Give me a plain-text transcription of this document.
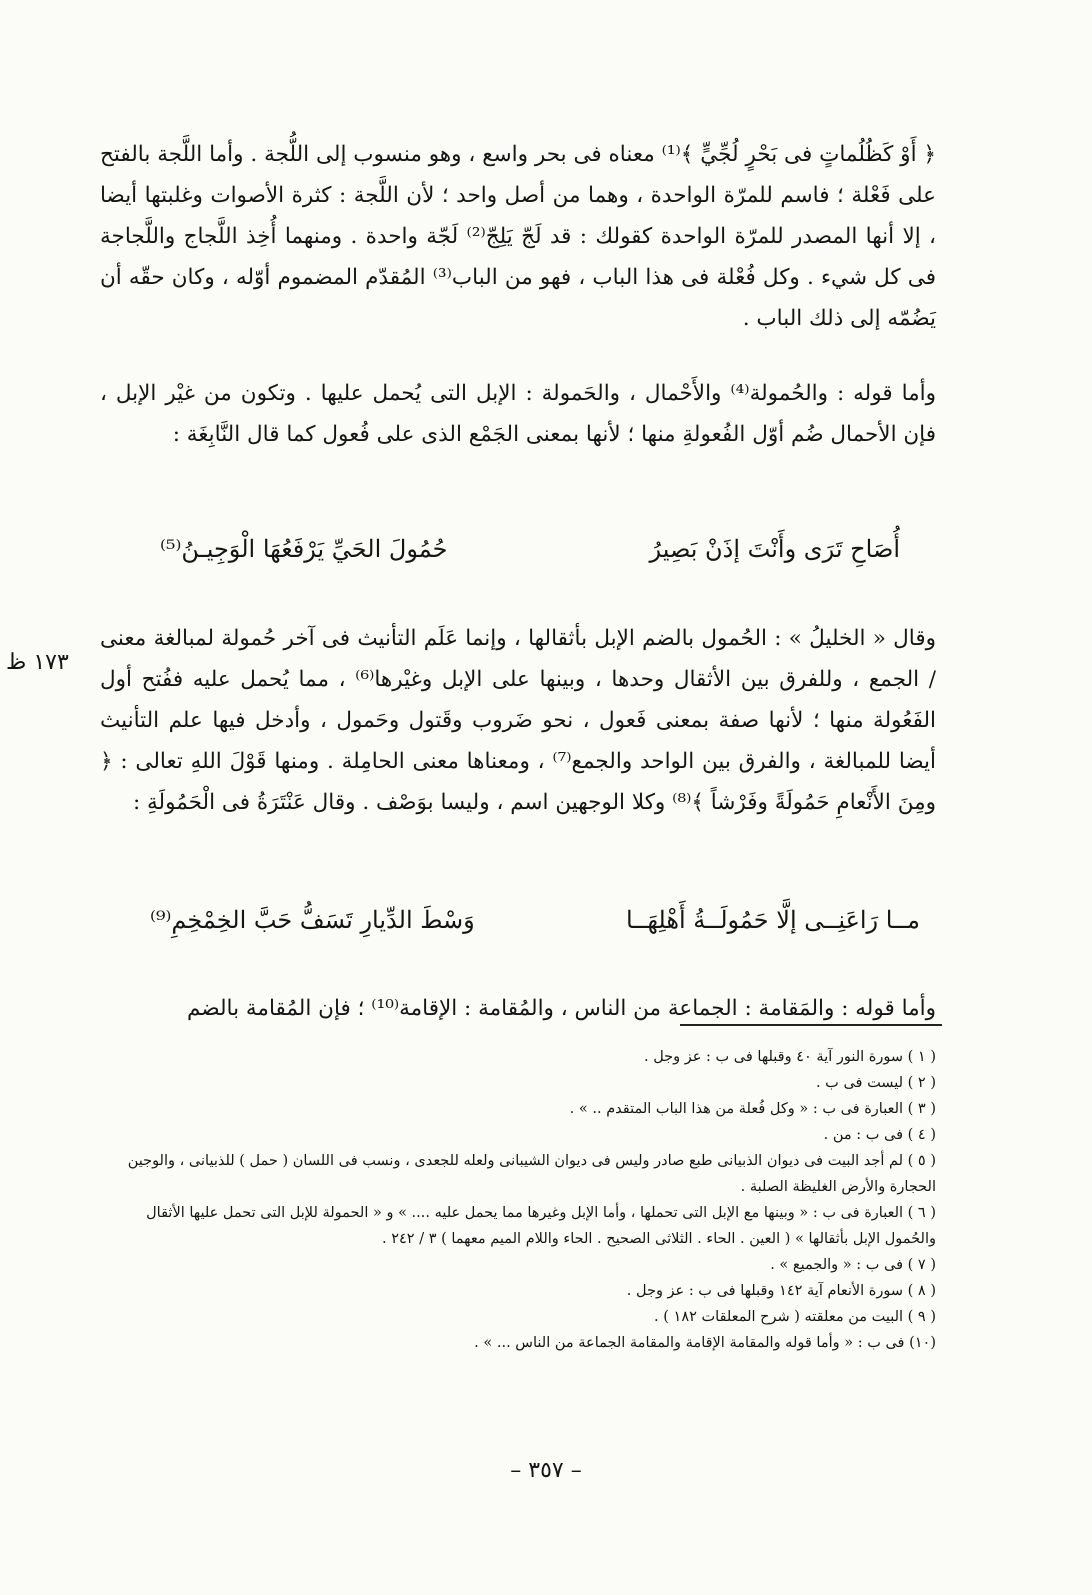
﴿ أَوْ كَظُلُماتٍ فى بَحْرٍ لُجِّيٍّ ﴾⁽¹⁾ معناه فى بحر واسع ، وهو منسوب إلى اللُّجة . وأما اللَّجة بالفتح على فَعْلة ؛ فاسم للمرّة الواحدة ، وهما من أصل واحد ؛ لأن اللَّجة : كثرة الأصوات وغلبتها أيضا ، إلا أنها المصدر للمرّة الواحدة كقولك : قد لَجّ يَلِجّ⁽²⁾ لَجّة واحدة . ومنهما أُخِذ اللَّجاج واللَّجاجة فى كل شيء . وكل فُعْلة فى هذا الباب ، فهو من الباب⁽³⁾ المُقدّم المضموم أوّله ، وكان حقّه أن يَضُمّه إلى ذلك الباب .

وأما قوله : والحُمولة⁽⁴⁾ والأَحْمال ، والحَمولة : الإبل التى يُحمل عليها . وتكون من غيْر الإبل ، فإن الأحمال ضُم أوّل الفُعولةِ منها ؛ لأنها بمعنى الجَمْع الذى على فُعول كما قال النَّابِغَة :

أُصَاحِ تَرَى وأَنْتَ إذَنْ بَصِيرُ
حُمُولَ الحَيِّ يَرْفَعُهَا الْوَجِيـنُ⁽⁵⁾

وقال « الخليلُ » : الحُمول بالضم الإبل بأثقالها ، وإنما عَلَم التأنيث فى آخر حُمولة لمبالغة معنى / الجمع ، وللفرق بين الأثقال وحدها ، وبينها على الإبل وغيْرها⁽⁶⁾ ، مما يُحمل عليه ففُتح أول الفَعُولة منها ؛ لأنها صفة بمعنى فَعول ، نحو ضَروب وقَتول وحَمول ، وأدخل فيها علم التأنيث أيضا للمبالغة ، والفرق بين الواحد والجمع⁽⁷⁾ ، ومعناها معنى الحامِلة . ومنها قَوْلَ اللهِ تعالى : ﴿ ومِنَ الأَنْعامِ حَمُولَةً وفَرْشاً ﴾⁽⁸⁾ وكلا الوجهين اسم ، وليسا بوَصْف . وقال عَنْتَرَةُ فى الْحَمُولَةِ :

مــا رَاعَنِــى إلَّا حَمُولَــةُ أَهْلِهَــا
وَسْطَ الدِّيارِ تَسَفُّ حَبَّ الخِمْخِمِ⁽⁹⁾

وأما قوله : والمَقامة : الجماعة من الناس ، والمُقامة : الإقامة⁽¹⁰⁾ ؛ فإن المُقامة بالضم

١٧٣ ظ

( ١ ) سورة النور آية ٤٠ وقبلها فى ب : عز وجل .

( ٢ ) ليست فى ب .

( ٣ ) العبارة فى ب : « وكل فُعلة من هذا الباب المتقدم .. » .

( ٤ ) فى ب : من .

( ٥ ) لم أجد البيت فى ديوان الذبيانى طبع صادر وليس فى ديوان الشيبانى ولعله للجعدى ، ونسب فى اللسان ( حمل ) للذبيانى ، والوجين الحجارة والأرض الغليظة الصلبة .

( ٦ ) العبارة فى ب : « وبينها مع الإبل التى تحملها ، وأما الإبل وغيرها مما يحمل عليه .... » و « الحمولة للإبل التى تحمل عليها الأثقال والحُمول الإبل بأثقالها » ( العين . الحاء . الثلاثى الصحيح . الحاء واللام الميم معهما ) ٣ / ٢٤٢ .

( ٧ ) فى ب : « والجميع » .

( ٨ ) سورة الأنعام آية ١٤٢ وقبلها فى ب : عز وجل .

( ٩ ) البيت من معلقته ( شرح المعلقات ١٨٢ ) .

(١٠) فى ب : « وأما قوله والمقامة الإقامة والمقامة الجماعة من الناس ... » .

– ٣٥٧ –
